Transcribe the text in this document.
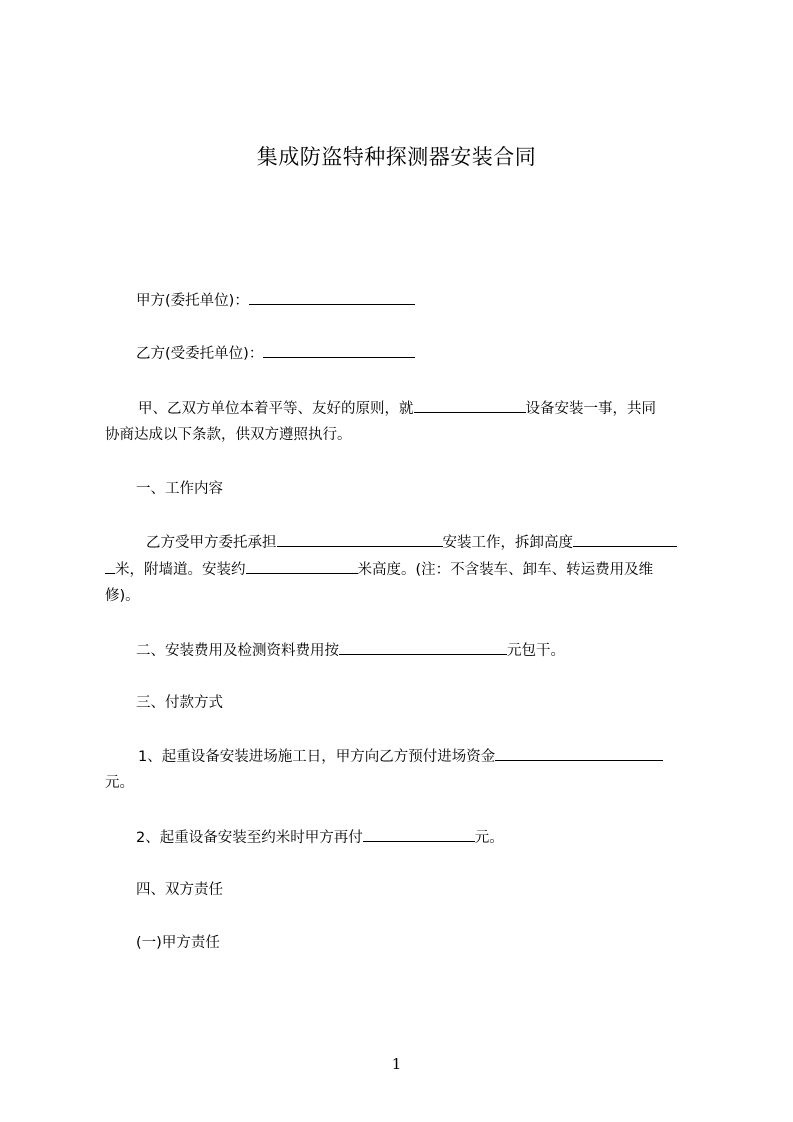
集成防盗特种探测器安装合同
甲方(委托单位)：
乙方(受委托单位)：
甲、乙双方单位本着平等、友好的原则，就	设备安装一事，共同
协商达成以下条款，供双方遵照执行。
一、工作内容
乙方受甲方委托承担	安装工作，拆卸高度
米，附墙道。安装约	米高度。(注：不含装车、卸车、转运费用及维
修)。
二、安装费用及检测资料费用按	元包干。
三、付款方式
1、起重设备安装进场施工日，甲方向乙方预付进场资金
元。
2、起重设备安装至约米时甲方再付	元。
四、双方责任
(一)甲方责任
1
